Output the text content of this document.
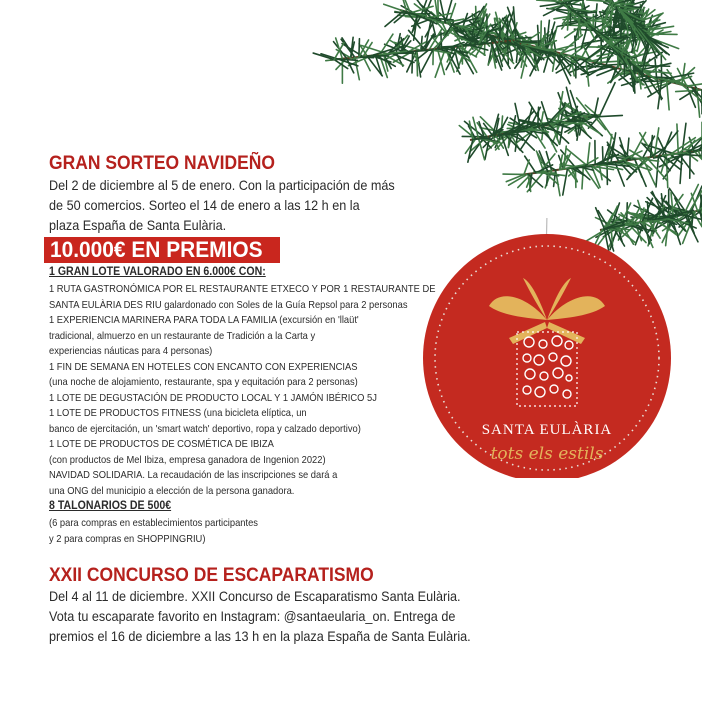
SANTA EULÀRIA
tots els estils
GRAN SORTEO NAVIDEÑO
Del 2 de diciembre al 5 de enero. Con la participación de más
de 50 comercios. Sorteo el 14 de enero a las 12 h en la
plaza España de Santa Eulària.
10.000€ EN PREMIOS
1 GRAN LOTE VALORADO EN 6.000€ CON:
1 RUTA GASTRONÓMICA POR EL RESTAURANTE ETXECO Y POR 1 RESTAURANTE DE
SANTA EULÀRIA DES RIU galardonado con Soles de la Guía Repsol para 2 personas
1 EXPERIENCIA MARINERA PARA TODA LA FAMILIA (excursión en 'llaüt'
tradicional, almuerzo en un restaurante de Tradición a la Carta y
experiencias náuticas para 4 personas)
1 FIN DE SEMANA EN HOTELES CON ENCANTO CON EXPERIENCIAS
(una noche de alojamiento, restaurante, spa y equitación para 2 personas)
1 LOTE DE DEGUSTACIÓN DE PRODUCTO LOCAL Y 1 JAMÓN IBÉRICO 5J
1 LOTE DE PRODUCTOS FITNESS (una bicicleta elíptica, un
banco de ejercitación, un 'smart watch' deportivo, ropa y calzado deportivo)
1 LOTE DE PRODUCTOS DE COSMÉTICA DE IBIZA
(con productos de Mel Ibiza, empresa ganadora de Ingenion 2022)
NAVIDAD SOLIDARIA. La recaudación de las inscripciones se dará a
una ONG del municipio a elección de la persona ganadora.
8 TALONARIOS DE 500€
(6 para compras en establecimientos participantes
y 2 para compras en SHOPPINGRIU)
XXII CONCURSO DE ESCAPARATISMO
Del 4 al 11 de diciembre. XXII Concurso de Escaparatismo Santa Eulària.
Vota tu escaparate favorito en Instagram: @santaeularia_on. Entrega de
premios el 16 de diciembre a las 13 h en la plaza España de Santa Eulària.
